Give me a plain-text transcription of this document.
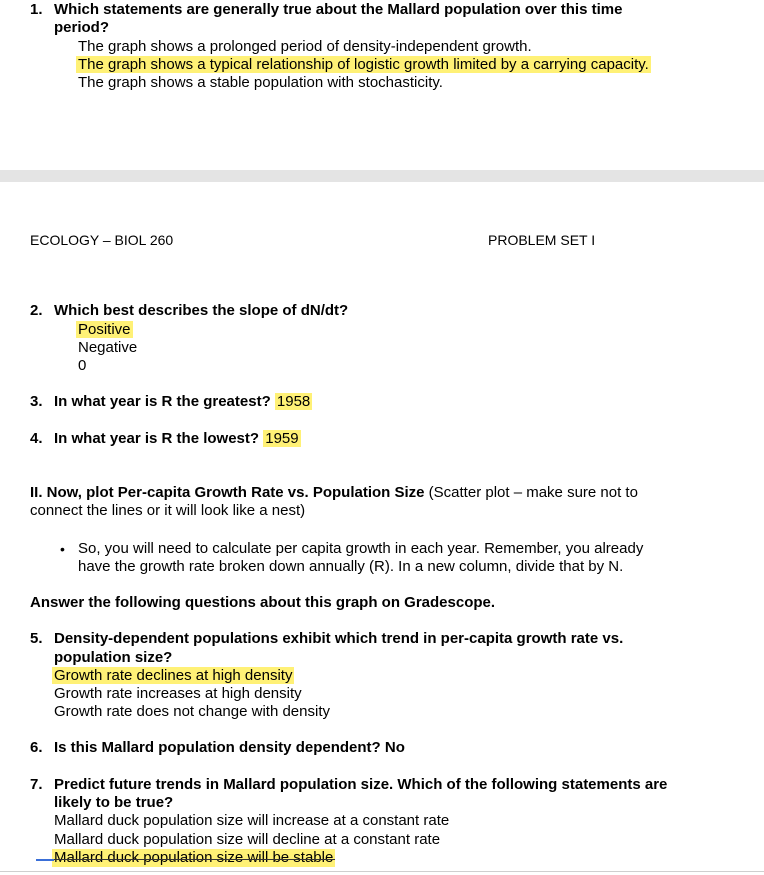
1. Which statements are generally true about the Mallard population over this time
period?
The graph shows a prolonged period of density-independent growth.
The graph shows a typical relationship of logistic growth limited by a carrying capacity.
The graph shows a stable population with stochasticity.
ECOLOGY – BIOL 260	PROBLEM SET I
2. Which best describes the slope of dN/dt?
Positive
Negative
0
3. In what year is R the greatest? 1958
4. In what year is R the lowest? 1959
II. Now, plot Per-capita Growth Rate vs. Population Size (Scatter plot – make sure not to
connect the lines or it will look like a nest)
• So, you will need to calculate per capita growth in each year. Remember, you already
have the growth rate broken down annually (R). In a new column, divide that by N.
Answer the following questions about this graph on Gradescope.
5. Density-dependent populations exhibit which trend in per-capita growth rate vs.
population size?
Growth rate declines at high density
Growth rate increases at high density
Growth rate does not change with density
6. Is this Mallard population density dependent? No
7. Predict future trends in Mallard population size. Which of the following statements are
likely to be true?
Mallard duck population size will increase at a constant rate
Mallard duck population size will decline at a constant rate
Mallard duck population size will be stable
